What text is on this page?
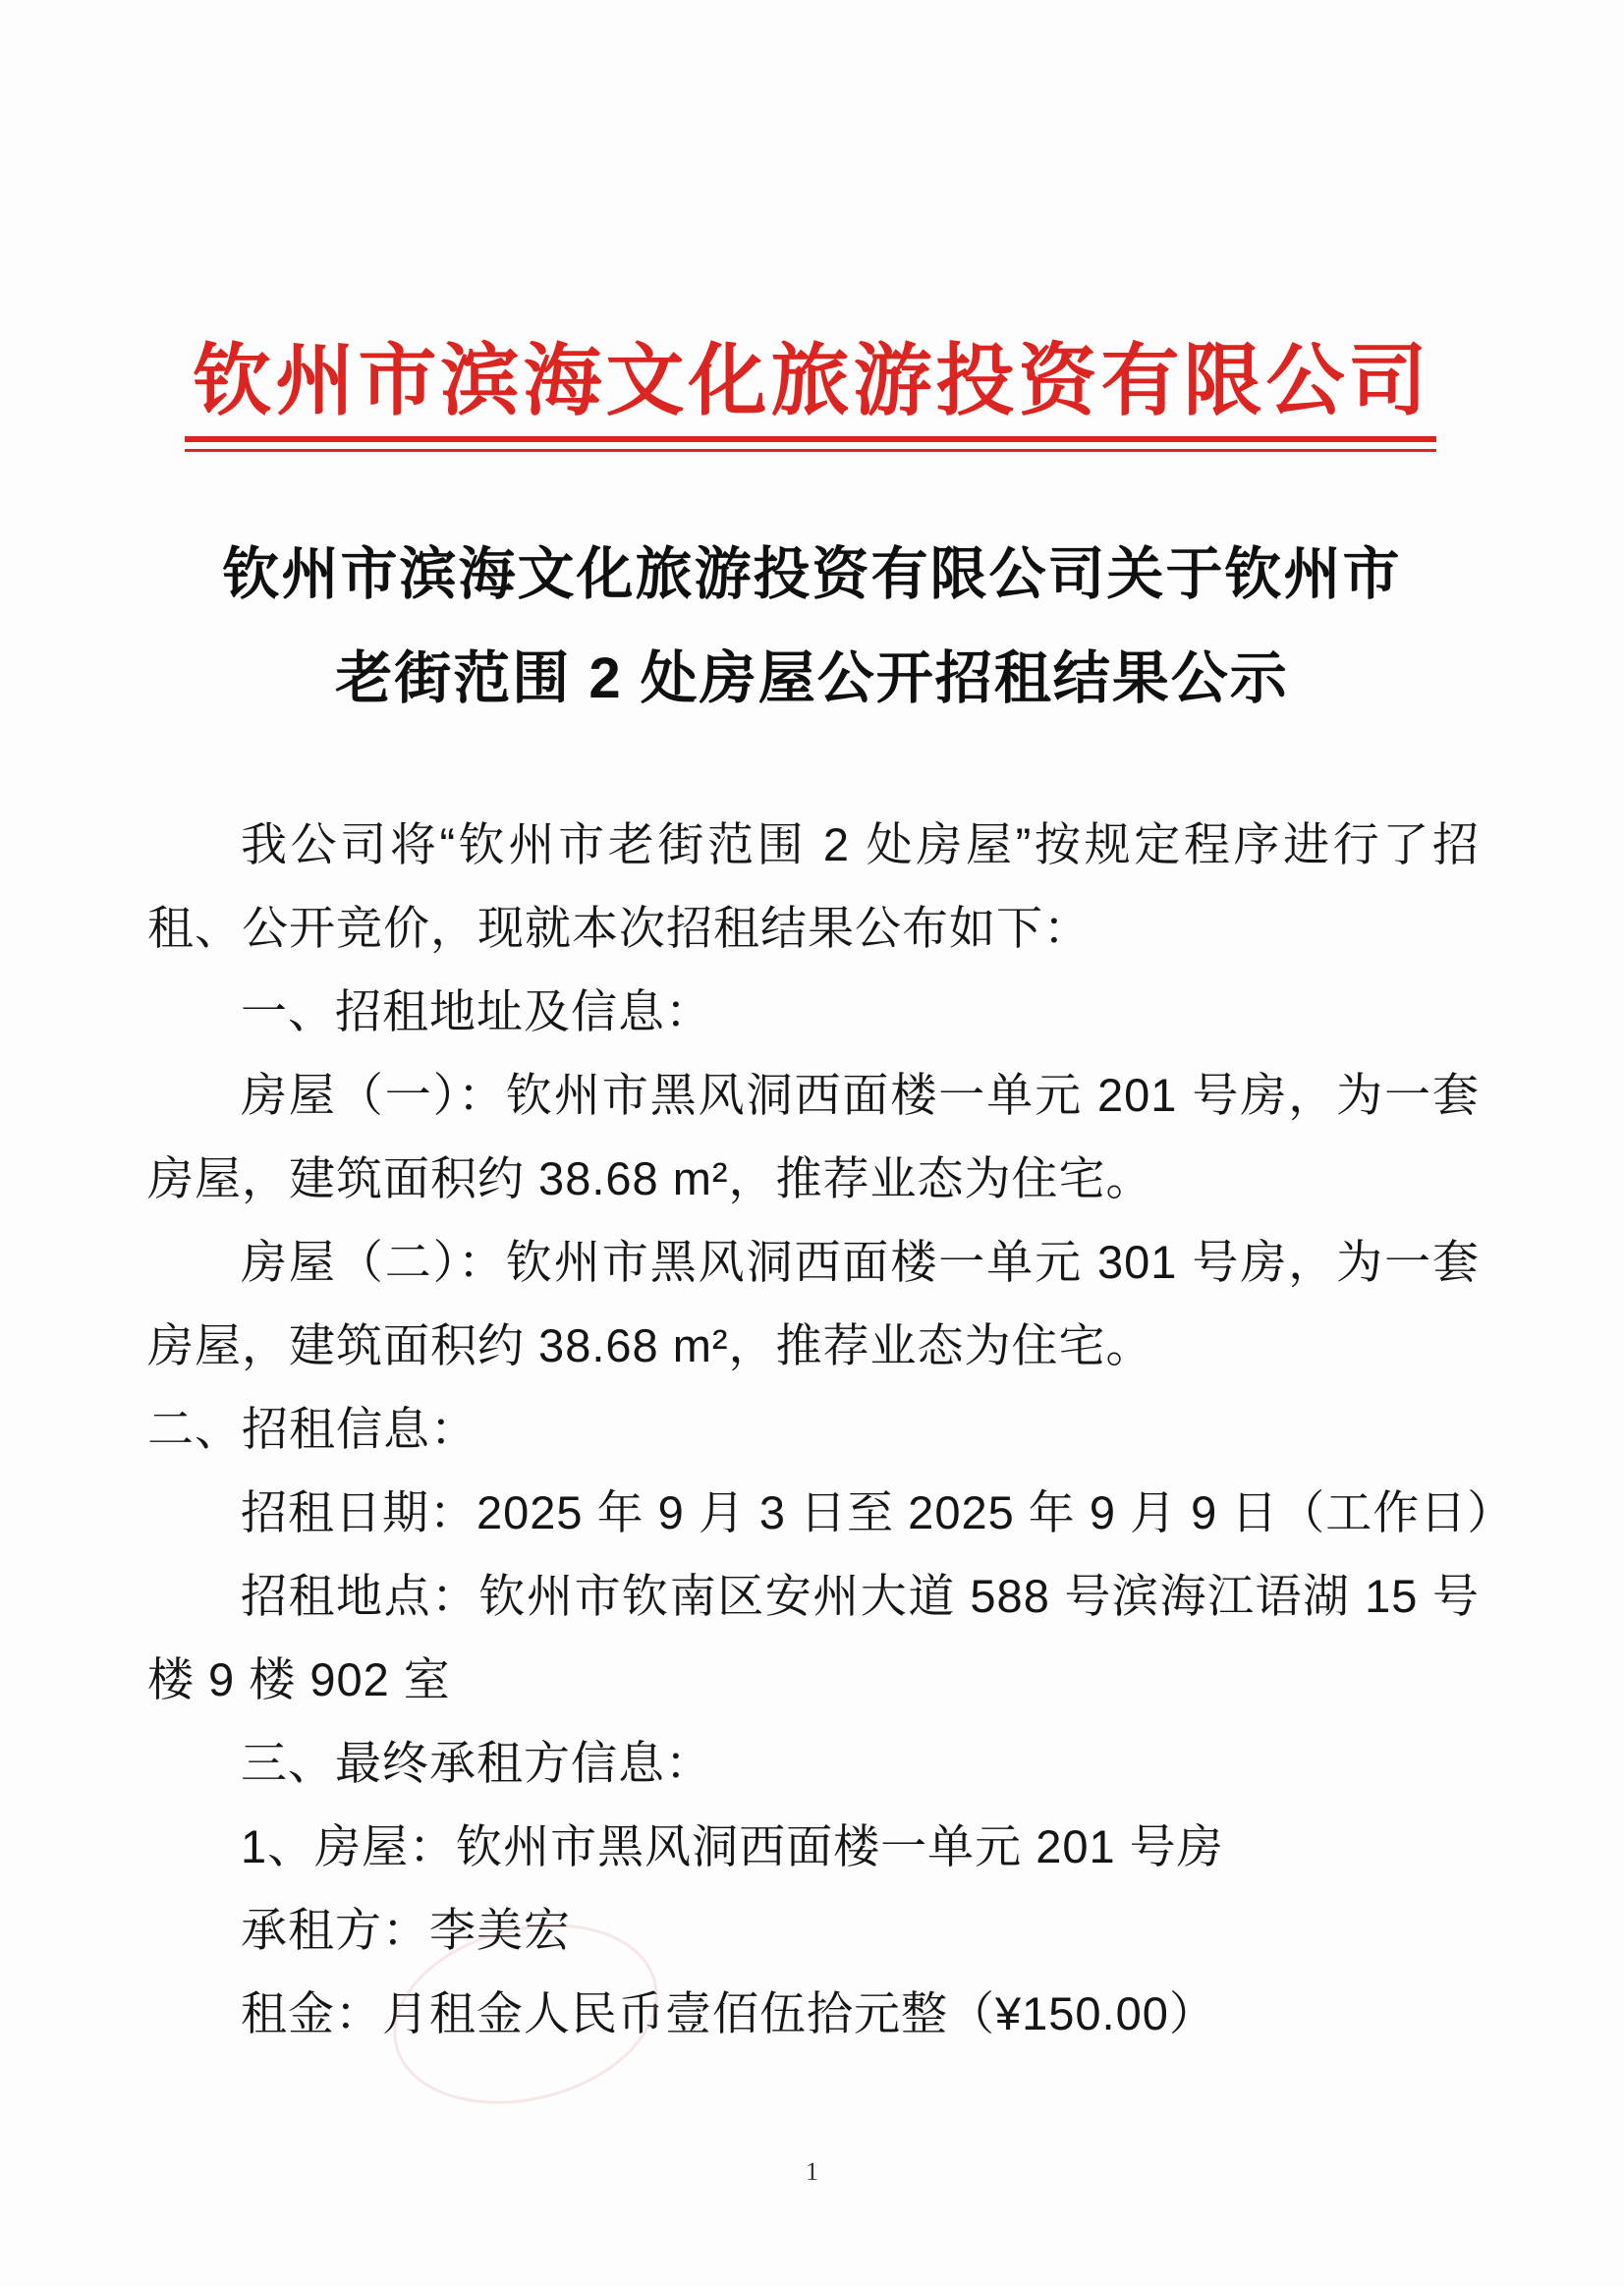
钦州市滨海文化旅游投资有限公司
钦州市滨海文化旅游投资有限公司关于钦州市
老街范围 2 处房屋公开招租结果公示
我公司将“钦州市老街范围 2 处房屋”按规定程序进行了招
租、公开竞价，现就本次招租结果公布如下：
一、招租地址及信息：
房屋（一）：钦州市黑风洞西面楼一单元 201 号房，为一套
房屋，建筑面积约 38.68 m²，推荐业态为住宅。
房屋（二）：钦州市黑风洞西面楼一单元 301 号房，为一套
房屋，建筑面积约 38.68 m²，推荐业态为住宅。
二、招租信息：
招租日期：2025 年 9 月 3 日至 2025 年 9 月 9 日（工作日）
招租地点：钦州市钦南区安州大道 588 号滨海江语湖 15 号
楼 9 楼 902 室
三、最终承租方信息：
1、房屋：钦州市黑风洞西面楼一单元 201 号房
承租方：李美宏
租金：月租金人民币壹佰伍拾元整（¥150.00）
1
